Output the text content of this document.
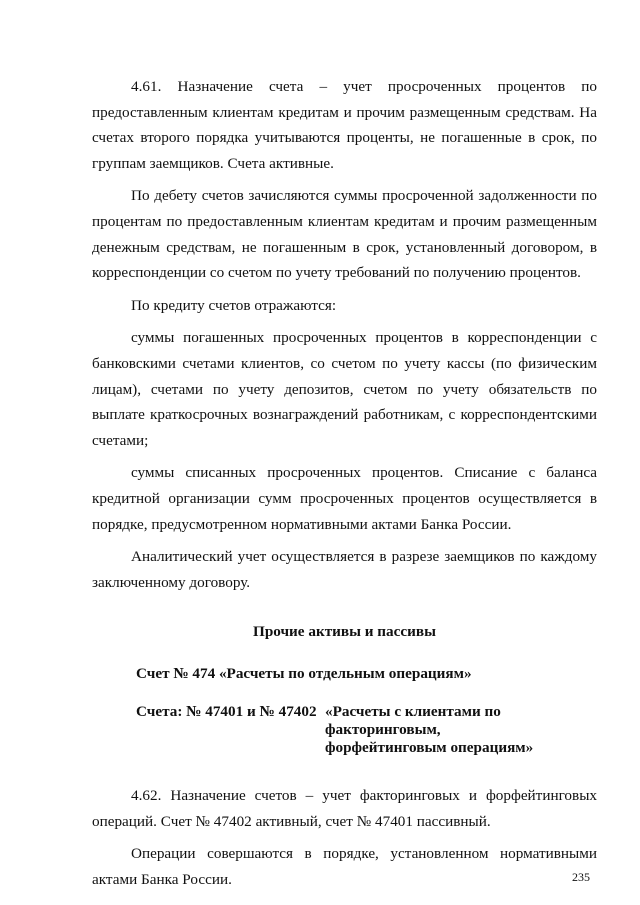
4.61. Назначение счета – учет просроченных процентов по предоставленным клиентам кредитам и прочим размещенным средствам. На счетах второго порядка учитываются проценты, не погашенные в срок, по группам заемщиков. Счета активные.

По дебету счетов зачисляются суммы просроченной задолженности по процентам по предоставленным клиентам кредитам и прочим размещенным денежным средствам, не погашенным в срок, установленный договором, в корреспонденции со счетом по учету требований по получению процентов.

По кредиту счетов отражаются:

суммы погашенных просроченных процентов в корреспонденции с банковскими счетами клиентов, со счетом по учету кассы (по физическим лицам), счетами по учету депозитов, счетом по учету обязательств по выплате краткосрочных вознаграждений работникам, с корреспондентскими счетами;

суммы списанных просроченных процентов. Списание с баланса кредитной организации сумм просроченных процентов осуществляется в порядке, предусмотренном нормативными актами Банка России.

Аналитический учет осуществляется в разрезе заемщиков по каждому заключенному договору.

Прочие активы и пассивы
Счет № 474 «Расчеты по отдельным операциям»
Счета: № 47401 и № 47402 «Расчеты с клиентами по факторинговым, форфейтинговым операциям»

4.62. Назначение счетов – учет факторинговых и форфейтинговых операций. Счет № 47402 активный, счет № 47401 пассивный.

Операции совершаются в порядке, установленном нормативными актами Банка России.	235
